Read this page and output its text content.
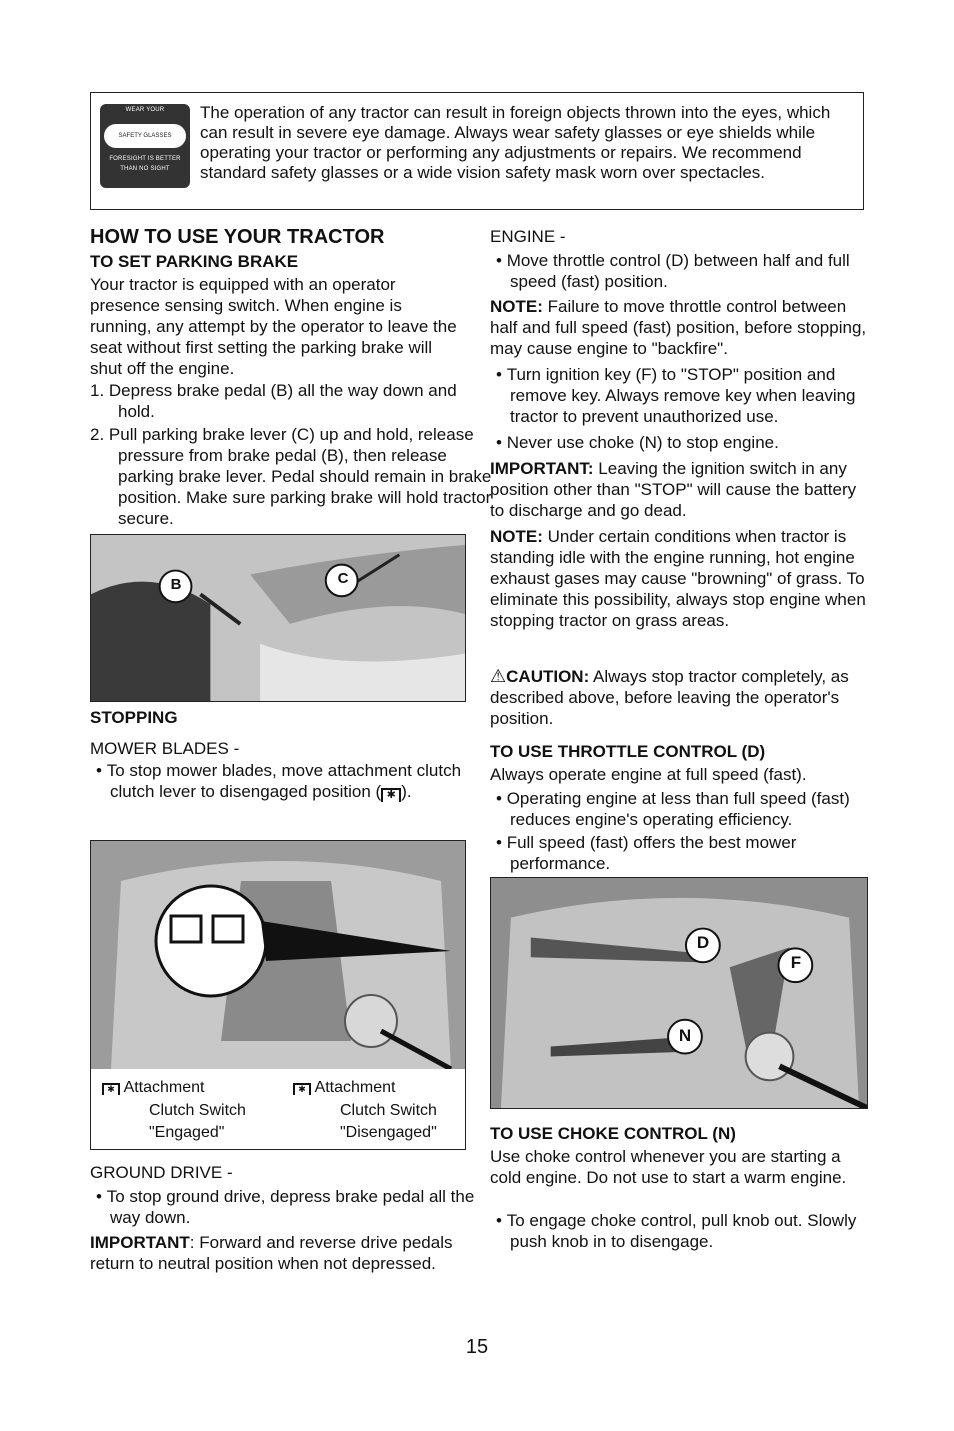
WEAR YOUR
SAFETY GLASSES
FORESIGHT IS BETTER
THAN NO SIGHT
The operation of any tractor can result in foreign objects thrown into the eyes, which can result in severe eye damage. Always wear safety glasses or eye shields while operating your tractor or performing any adjustments or repairs. We recommend standard safety glasses or a wide vision safety mask worn over spectacles.
HOW TO USE YOUR TRACTOR
TO SET PARKING BRAKE
Your tractor is equipped with an operator presence sensing switch. When engine is running, any attempt by the operator to leave the seat without first setting the parking brake will shut off the engine.
1. Depress brake pedal (B) all the way down and hold.
2. Pull parking brake lever (C) up and hold, release pressure from brake pedal (B), then release parking brake lever. Pedal should remain in brake position. Make sure parking brake will hold tractor secure.
B	C
STOPPING
MOWER BLADES -
• To stop mower blades, move attachment clutch clutch lever to disengaged position ( ✱ ).
✱ Attachment
Clutch Switch
"Engaged"
✱ Attachment
Clutch Switch
"Disengaged"
GROUND DRIVE -
• To stop ground drive, depress brake pedal all the way down.
IMPORTANT: Forward and reverse drive pedals return to neutral position when not depressed.
ENGINE -
• Move throttle control (D) between half and full speed (fast) position.
NOTE: Failure to move throttle control between half and full speed (fast) position, before stopping, may cause engine to "backfire".
• Turn ignition key (F) to "STOP" position and remove key. Always remove key when leaving tractor to prevent unauthorized use.
• Never use choke (N) to stop engine.
IMPORTANT: Leaving the ignition switch in any position other than "STOP" will cause the battery to discharge and go dead.
NOTE: Under certain conditions when tractor is standing idle with the engine running, hot engine exhaust gases may cause "browning" of grass. To eliminate this possibility, always stop engine when stopping tractor on grass areas.
⚠CAUTION: Always stop tractor completely, as described above, before leaving the operator's position.
TO USE THROTTLE CONTROL (D)
Always operate engine at full speed (fast).
• Operating engine at less than full speed (fast) reduces engine's operating efficiency.
• Full speed (fast) offers the best mower performance.
D
F
N
TO USE CHOKE CONTROL (N)
Use choke control whenever you are starting a cold engine. Do not use to start a warm engine.
• To engage choke control, pull knob out. Slowly push knob in to disengage.
15
